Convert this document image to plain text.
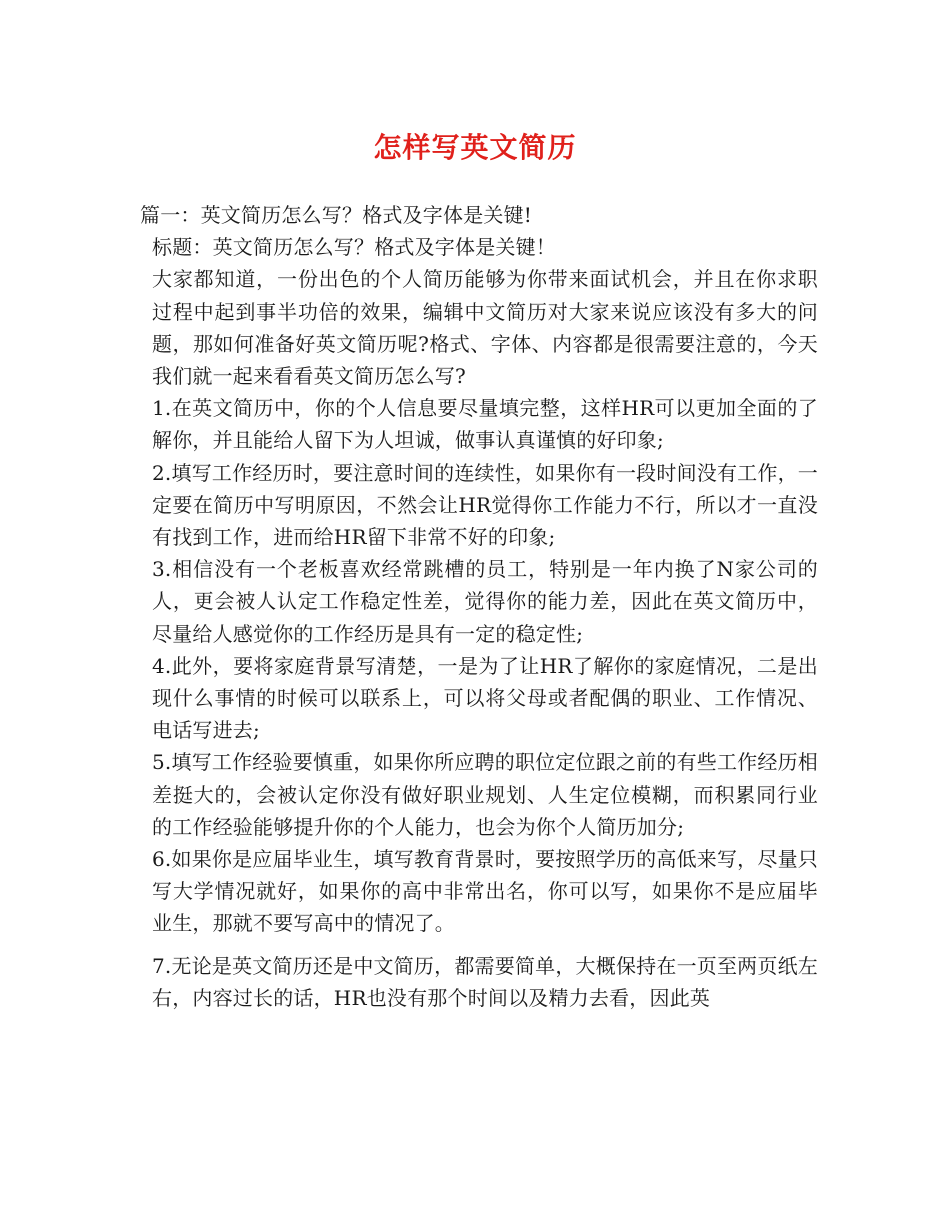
怎样写英文简历

篇一：英文简历怎么写？格式及字体是关键!

标题：英文简历怎么写？格式及字体是关键！

大家都知道，一份出色的个人简历能够为你带来面试机会，并且在你求职过程中起到事半功倍的效果，编辑中文简历对大家来说应该没有多大的问题，那如何准备好英文简历呢?格式、字体、内容都是很需要注意的，今天我们就一起来看看英文简历怎么写?

1.在英文简历中，你的个人信息要尽量填完整，这样HR可以更加全面的了解你，并且能给人留下为人坦诚，做事认真谨慎的好印象;

2.填写工作经历时，要注意时间的连续性，如果你有一段时间没有工作，一定要在简历中写明原因，不然会让HR觉得你工作能力不行，所以才一直没有找到工作，进而给HR留下非常不好的印象;

3.相信没有一个老板喜欢经常跳槽的员工，特别是一年内换了N家公司的人，更会被人认定工作稳定性差，觉得你的能力差，因此在英文简历中，尽量给人感觉你的工作经历是具有一定的稳定性;

4.此外，要将家庭背景写清楚，一是为了让HR了解你的家庭情况，二是出现什么事情的时候可以联系上，可以将父母或者配偶的职业、工作情况、电话写进去;

5.填写工作经验要慎重，如果你所应聘的职位定位跟之前的有些工作经历相差挺大的，会被认定你没有做好职业规划、人生定位模糊，而积累同行业的工作经验能够提升你的个人能力，也会为你个人简历加分;

6.如果你是应届毕业生，填写教育背景时，要按照学历的高低来写，尽量只写大学情况就好，如果你的高中非常出名，你可以写，如果你不是应届毕业生，那就不要写高中的情况了。

7.无论是英文简历还是中文简历，都需要简单，大概保持在一页至两页纸左右，内容过长的话，HR也没有那个时间以及精力去看，因此英
